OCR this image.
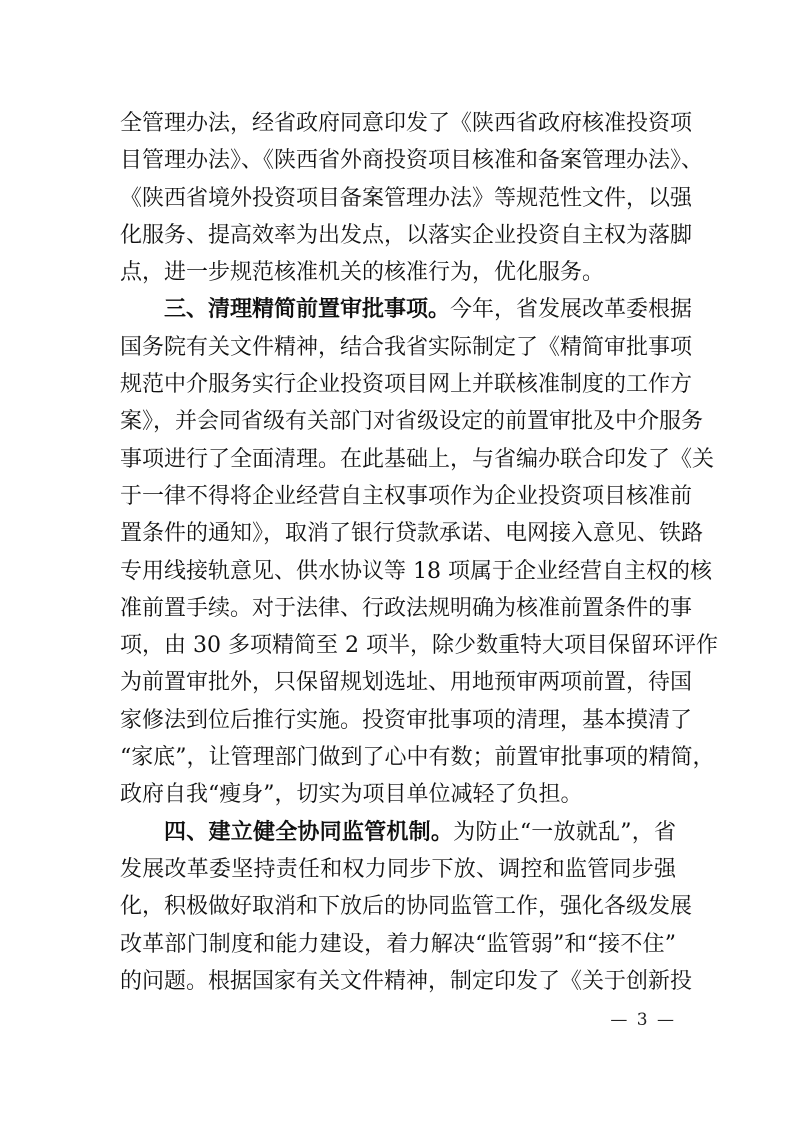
全管理办法，经省政府同意印发了《陕西省政府核准投资项
目管理办法》、《陕西省外商投资项目核准和备案管理办法》、
《陕西省境外投资项目备案管理办法》等规范性文件，以强
化服务、提高效率为出发点，以落实企业投资自主权为落脚
点，进一步规范核准机关的核准行为，优化服务。
三、清理精简前置审批事项。今年，省发展改革委根据
国务院有关文件精神，结合我省实际制定了《精简审批事项
规范中介服务实行企业投资项目网上并联核准制度的工作方
案》，并会同省级有关部门对省级设定的前置审批及中介服务
事项进行了全面清理。在此基础上，与省编办联合印发了《关
于一律不得将企业经营自主权事项作为企业投资项目核准前
置条件的通知》，取消了银行贷款承诺、电网接入意见、铁路
专用线接轨意见、供水协议等 18 项属于企业经营自主权的核
准前置手续。对于法律、行政法规明确为核准前置条件的事
项，由 30 多项精简至 2 项半，除少数重特大项目保留环评作
为前置审批外，只保留规划选址、用地预审两项前置，待国
家修法到位后推行实施。投资审批事项的清理，基本摸清了
“家底”，让管理部门做到了心中有数；前置审批事项的精简，
政府自我“瘦身”，切实为项目单位减轻了负担。
四、建立健全协同监管机制。为防止“一放就乱”，省
发展改革委坚持责任和权力同步下放、调控和监管同步强
化，积极做好取消和下放后的协同监管工作，强化各级发展
改革部门制度和能力建设，着力解决“监管弱”和“接不住”
的问题。根据国家有关文件精神，制定印发了《关于创新投
— 3 —
